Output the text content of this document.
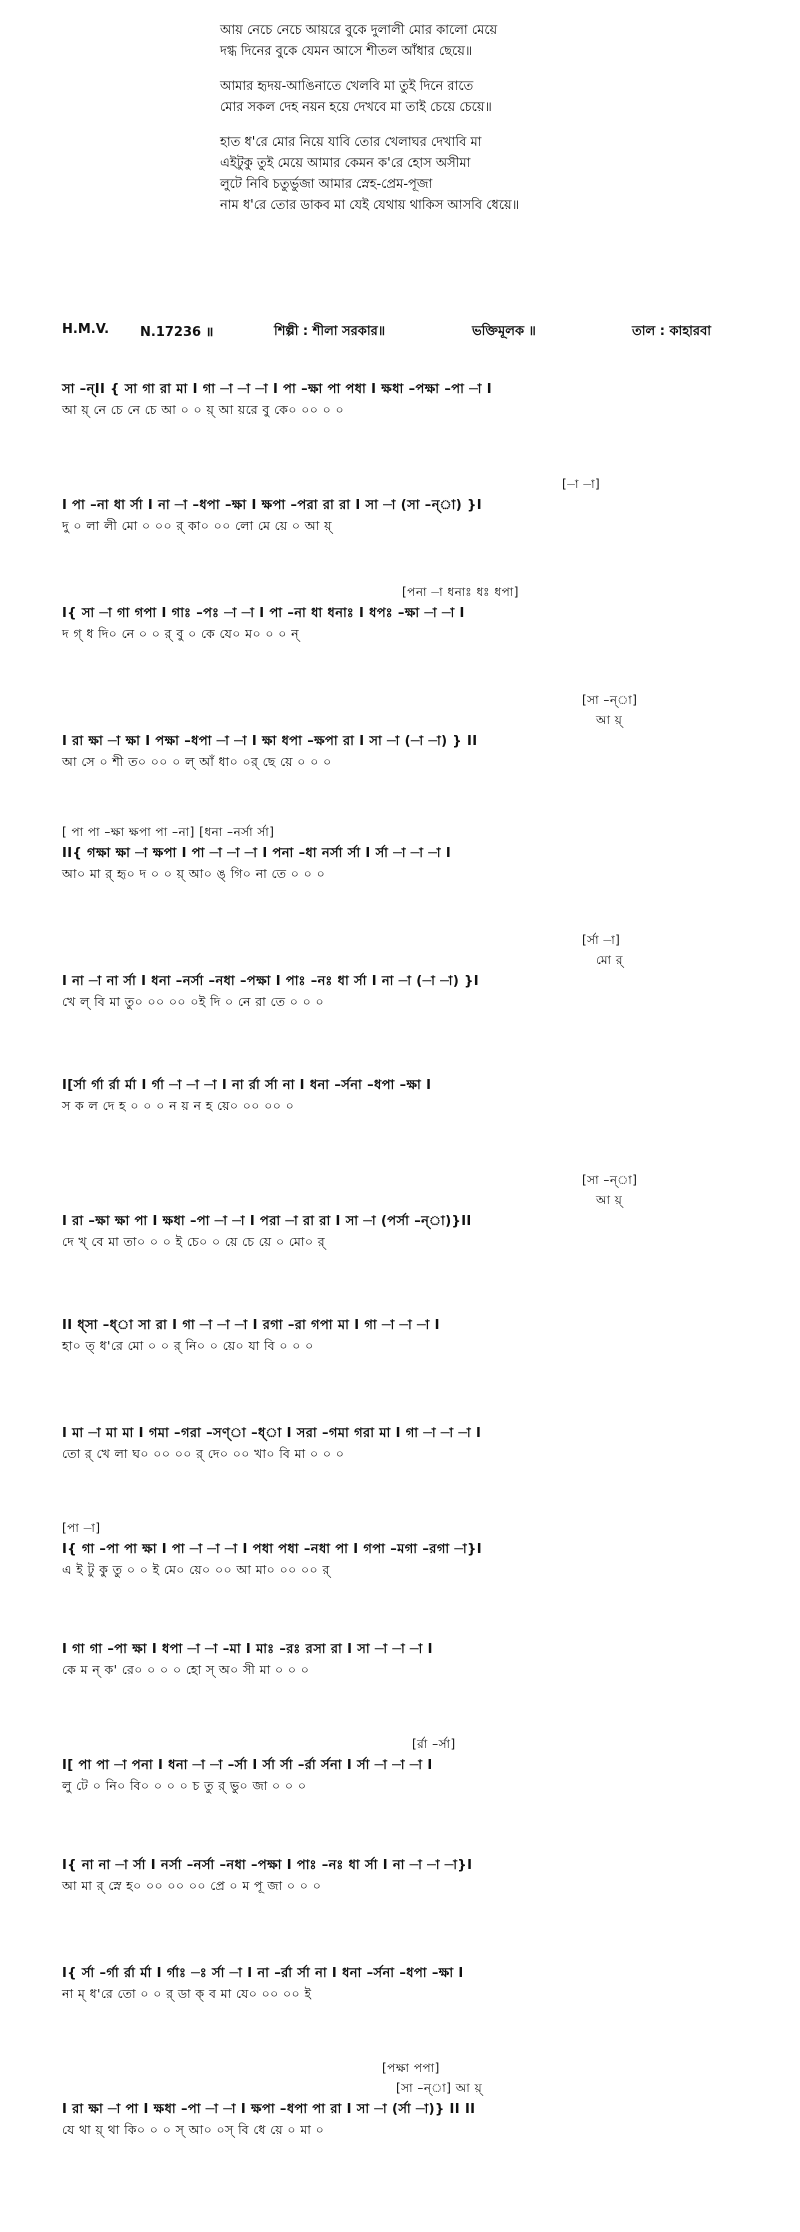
আয় নেচে নেচে আয়রে বুকে দুলালী মোর কালো মেয়ে
দগ্ধ দিনের বুকে যেমন আসে শীতল আঁধার ছেয়ে॥
আমার হৃদয়-আঙিনাতে খেলবি মা তুই দিনে রাতে
মোর সকল দেহ নয়ন হয়ে দেখবে মা তাই চেয়ে চেয়ে॥
হাত ধ'রে মোর নিয়ে যাবি তোর খেলাঘর দেখাবি মা
এইটুকু তুই মেয়ে আমার কেমন ক'রে হোস অসীমা
লুটে নিবি চতুর্ভুজা আমার স্নেহ-প্রেম-পূজা
নাম ধ'রে তোর ডাকব মা যেই যেথায় থাকিস আসবি ধেয়ে॥
H.M.V. N.17236 ॥	শিল্পী : শীলা সরকার॥	ভক্তিমূলক ॥	তাল : কাহারবা
সা –ন্‌II { সা গা রা মা I গা –া –া –া I পা –ক্ষা পা পধা I ক্ষধা –পক্ষা –পা –া I
আ য়্‌ নে চে নে চে আ ০ ০ য়্‌ আ য়রে বু কে০ ০০ ০ ০
[–া –া]
I পা –না ধা র্সা I না –া –ধপা –ক্ষা I ক্ষপা –পরা রা রা I সা –া (সা –ন্‌া) }I
দু ০ লা লী মো ০ ০০ র্‌ কা০ ০০ লো মে য়ে ০ আ য়্‌
[পনা –া ধনাঃ ধঃ ধপা]
I{ সা –া গা গপা I গাঃ –পঃ –া –া I পা –না ধা ধনাঃ I ধপঃ –ক্ষা –া –া I
দ গ্‌ ধ দি০ নে ০ ০ র্‌ বু ০ কে যে০ ম০ ০ ০ ন্‌
[সা –ন্‌া]
আ য়্‌
I রা ক্ষা –া ক্ষা I পক্ষা –ধপা –া –া I ক্ষা ধপা –ক্ষপা রা I সা –া (–া –া) } II
আ সে ০ শী ত০ ০০ ০ ল্‌ আঁ ধা০ ০র্‌ ছে য়ে ০ ০ ০
[ পা পা –ক্ষা ক্ষপা পা –না] [ধনা –নর্সা র্সা]
II{ গক্ষা ক্ষা –া ক্ষপা I পা –া –া –া I পনা –ধা নর্সা র্সা I র্সা –া –া –া I
আ০ মা র্‌ হৃ০ দ ০ ০ য়্‌ আ০ ঙ্‌ গি০ না তে ০ ০ ০
[র্সা –া]
মো র্‌
I না –া না র্সা I ধনা –নর্সা –নধা –পক্ষা I পাঃ –নঃ ধা র্সা I না –া (–া –া) }I
খে ল্‌ বি মা তু০ ০০ ০০ ০ই দি ০ নে রা তে ০ ০ ০
I[র্সা র্গা র্রা র্মা I র্গা –া –া –া I না র্রা র্সা না I ধনা –র্সনা –ধপা –ক্ষা I
স ক ল দে হ ০ ০ ০ ন য় ন হ য়ে০ ০০ ০০ ০
[সা –ন্‌া]
আ য়্‌
I রা –ক্ষা ক্ষা পা I ক্ষধা –পা –া –া I পরা –া রা রা I সা –া (পর্সা –ন্‌া)}II
দে খ্‌ বে মা তা০ ০ ০ ই চে০ ০ য়ে চে য়ে ০ মো০ র্‌
II ধ্‌সা –ধ্‌া সা রা I গা –া –া –া I রগা –রা গপা মা I গা –া –া –া I
হা০ ত্‌ ধ'রে মো ০ ০ র্‌ নি০ ০ য়ে০ যা বি ০ ০ ০
I মা –া মা মা I গমা –গরা –সণ্‌া –ধ্‌া I সরা –গমা গরা মা I গা –া –া –া I
তো র্‌ খে লা ঘ০ ০০ ০০ র্‌ দে০ ০০ খা০ বি মা ০ ০ ০
[পা –া]
I{ গা –পা পা ক্ষা I পা –া –া –া I পধা পধা –নধা পা I গপা –মগা –রগা –া}I
এ ই টু কু তু ০ ০ ই মে০ য়ে০ ০০ আ মা০ ০০ ০০ র্‌
I গা গা –পা ক্ষা I ধপা –া –া –মা I মাঃ –রঃ রসা রা I সা –া –া –া I
কে ম ন্‌ ক' রে০ ০ ০ ০ হো স্‌ অ০ সী মা ০ ০ ০
[র্রা –র্সা]
I[ পা পা –া পনা I ধনা –া –া –র্সা I র্সা র্সা –র্রা র্সনা I র্সা –া –া –া I
লু টে ০ নি০ বি০ ০ ০ ০ চ তু র্‌ ভু০ জা ০ ০ ০
I{ না না –া র্সা I নর্সা –নর্সা –নধা –পক্ষা I পাঃ –নঃ ধা র্সা I না –া –া –া}I
আ মা র্‌ স্নে হ০ ০০ ০০ ০০ প্রে ০ ম পূ জা ০ ০ ০
I{ র্সা –র্গা র্রা র্মা I র্গাঃ –ঃ র্সা –া I না –র্রা র্সা না I ধনা –র্সনা –ধপা –ক্ষা I
না ম্‌ ধ'রে তো ০ ০ র্‌ ডা ক্‌ ব মা যে০ ০০ ০০ ই
[পক্ষা পপা]
[সা –ন্‌া] আ য়্‌
I রা ক্ষা –া পা I ক্ষধা –পা –া –া I ক্ষপা –ধপা পা রা I সা –া (র্সা –া)} II II
যে থা য়্‌ থা কি০ ০ ০ স্‌ আ০ ০স্‌ বি ধে য়ে ০ মা ০
